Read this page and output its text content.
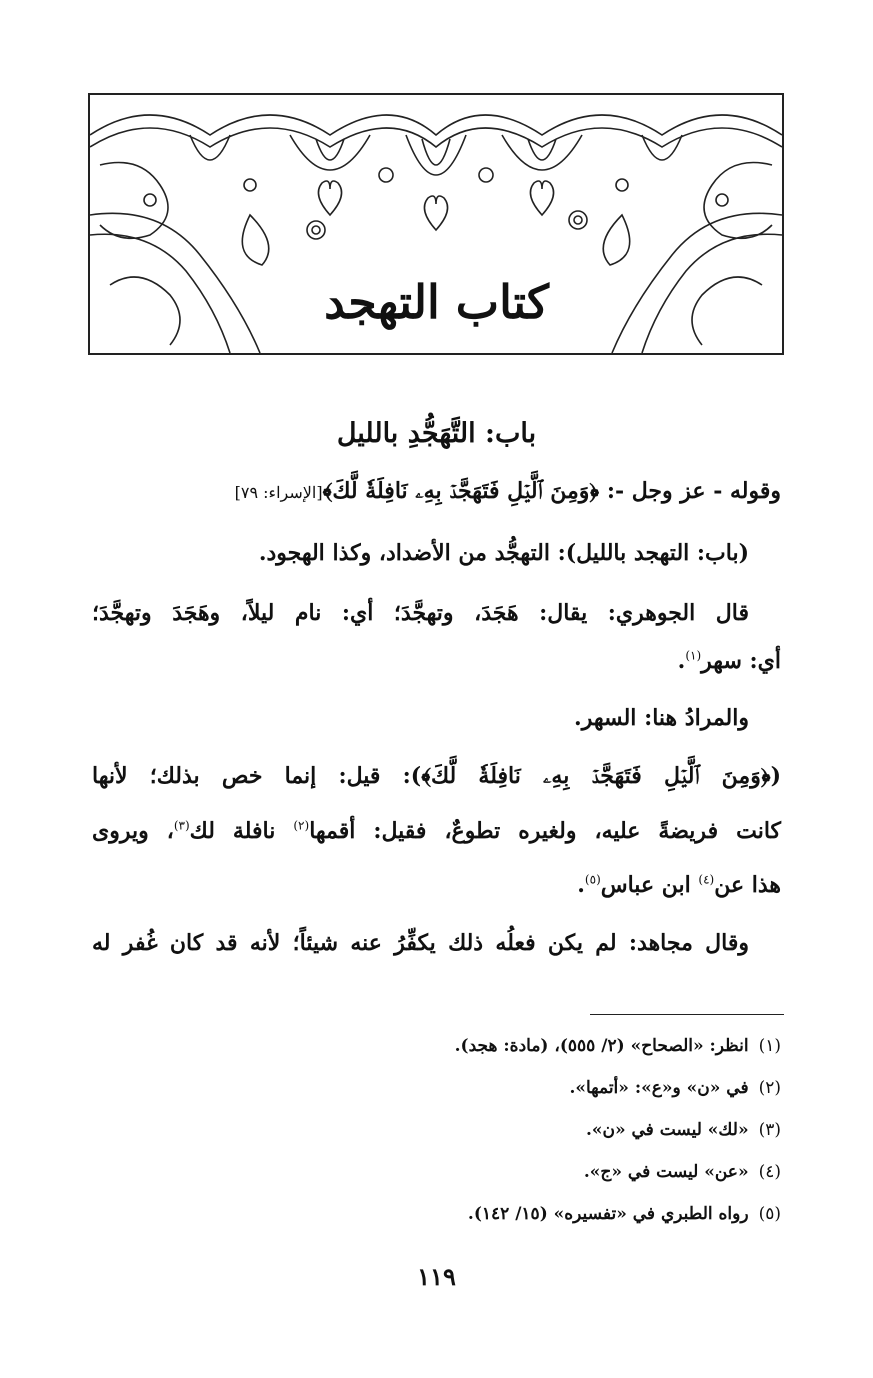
كتاب التهجد
باب: التَّهَجُّدِ بالليل
وقوله - عز وجل -: ﴿وَمِنَ ٱلَّيۡلِ فَتَهَجَّدۡ بِهِۦ نَافِلَةٗ لَّكَ﴾[الإسراء: ٧٩]
(باب: التهجد بالليل): التهجُّد من الأضداد، وكذا الهجود.
قال الجوهري: يقال: هَجَدَ، وتهجَّدَ؛ أي: نام ليلاً، وهَجَدَ وتهجَّدَ؛
أي: سهر$^{(١)}$.
والمرادُ هنا: السهر.
(﴿وَمِنَ ٱلَّيۡلِ فَتَهَجَّدۡ بِهِۦ نَافِلَةٗ لَّكَ﴾): قيل: إنما خص بذلك؛ لأنها
كانت فريضةً عليه، ولغيره تطوعٌ، فقيل: أقمها$^{(٢)}$ نافلة لك$^{(٣)}$، ويروى
هذا عن$^{(٤)}$ ابن عباس$^{(٥)}$.
وقال مجاهد: لم يكن فعلُه ذلك يكفِّرُ عنه شيئاً؛ لأنه قد كان غُفر له
(١)انظر: «الصحاح» (٢/ ٥٥٥)، (مادة: هجد).
(٢)في «ن» و«ع»: «أتمها».
(٣)«لك» ليست في «ن».
(٤)«عن» ليست في «ج».
(٥)رواه الطبري في «تفسيره» (١٥/ ١٤٢).
١١٩
